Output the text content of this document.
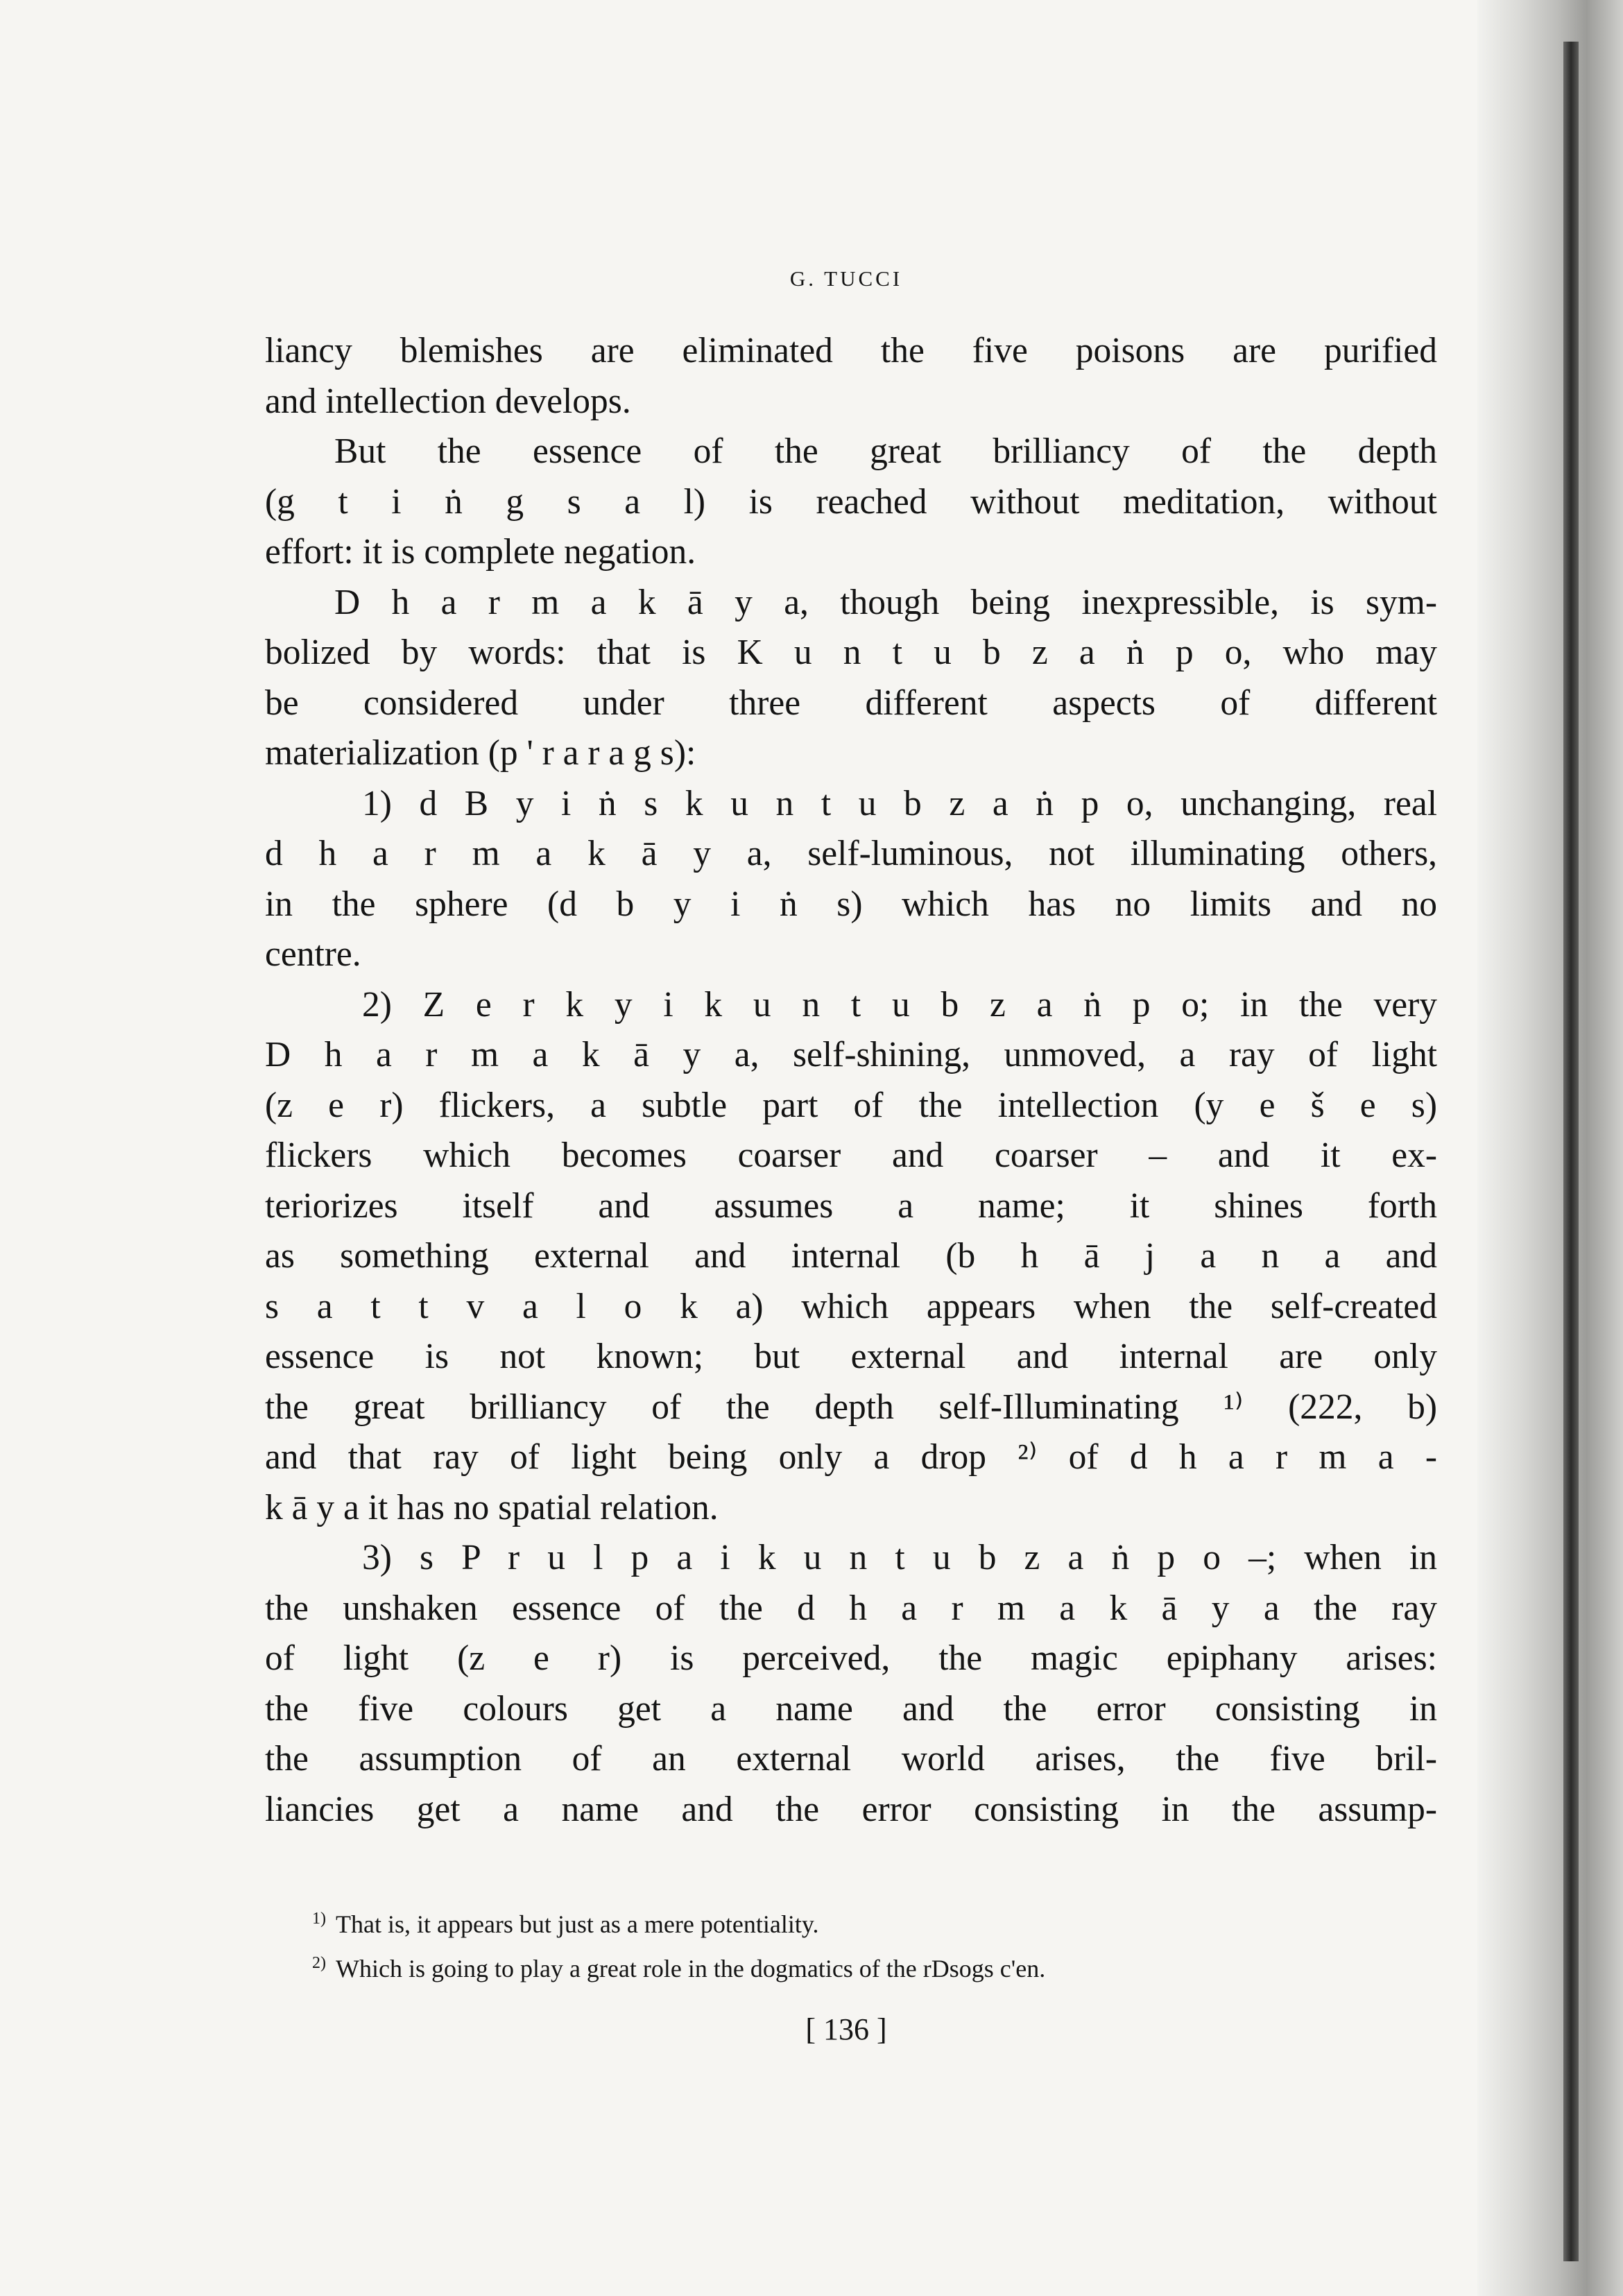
G. TUCCI
liancy blemishes are eliminated the five poisons are purified
and intellection develops.
But the essence of the great brilliancy of the depth
(g t i ṅ g s a l) is reached without meditation, without
effort: it is complete negation.
D h a r m a k ā y a, though being inexpressible, is sym-
bolized by words: that is K u n t u b z a ṅ p o, who may
be considered under three different aspects of different
materialization (p ' r a r a g s):
1) d B y i ṅ s k u n t u b z a ṅ p o, unchanging, real
d h a r m a k ā y a, self-luminous, not illuminating others,
in the sphere (d b y i ṅ s) which has no limits and no
centre.
2) Z e r k y i k u n t u b z a ṅ p o; in the very
D h a r m a k ā y a, self-shining, unmoved, a ray of light
(z e r) flickers, a subtle part of the intellection (y e š e s)
flickers which becomes coarser and coarser – and it ex-
teriorizes itself and assumes a name; it shines forth
as something external and internal (b h ā j a n a and
s a t t v a l o k a) which appears when the self-created
essence is not known; but external and internal are only
the great brilliancy of the depth self-Illuminating ¹⁾ (222, b)
and that ray of light being only a drop ²⁾ of d h a r m a -
k ā y a it has no spatial relation.
3) s P r u l p a i k u n t u b z a ṅ p o –; when in
the unshaken essence of the d h a r m a k ā y a the ray
of light (z e r) is perceived, the magic epiphany arises:
the five colours get a name and the error consisting in
the assumption of an external world arises, the five bril-
liancies get a name and the error consisting in the assump-
$^{1)}$ That is, it appears but just as a mere potentiality.
$^{2)}$ Which is going to play a great role in the dogmatics of the rDsogs c'en.
[ 136 ]
